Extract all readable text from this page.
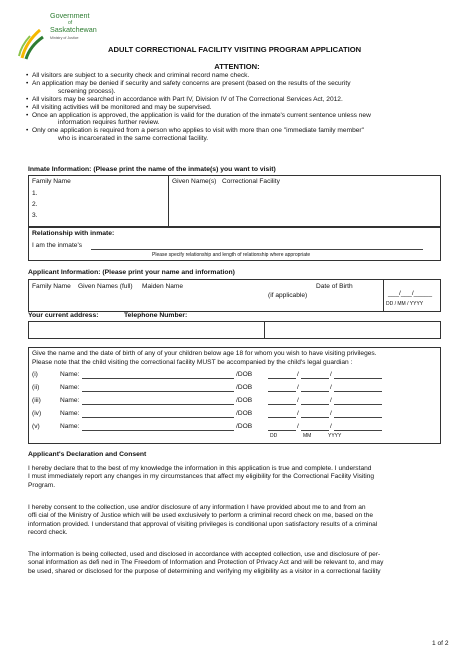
Government
of
Saskatchewan
Ministry of Justice
ADULT CORRECTIONAL FACILITY VISITING PROGRAM APPLICATION
ATTENTION:
• All visitors are subject to a security check and criminal record name check.
• An application may be denied if security and safety concerns are present (based on the results of the security
screening process).
• All visitors may be searched in accordance with Part IV, Division IV of The Correctional Services Act, 2012.
• All visiting activities will be monitored and may be supervised.
• Once an application is approved, the application is valid for the duration of the inmate's current sentence unless new
information requires further review.
• Only one application is required from a person who applies to visit with more than one "immediate family member"
who is incarcerated in the same correctional facility.
Inmate Information: (Please print the name of the inmate(s) you want to visit)
Family Name	Given Name(s) Correctional Facility
1.
2.
3.
Relationship with inmate:
I am the inmate's
Please specify relationship and length of relationship where appropriate
Applicant Information: (Please print your name and information)
Family Name Given Names (full) Maiden Name	Date of Birth
(if applicable)	___/___/_____
DD / MM / YYYY
Your current address:	Telephone Number:
Give the name and the date of birth of any of your children below age 18 for whom you wish to have visiting privileges.
Please note that the child visiting the correctional facility MUST be accompanied by the child's legal guardian :
(i)	Name:	/DOB	/	/
(ii)	Name:	/DOB	/	/
(iii)	Name:	/DOB	/	/
(iv)	Name:	/DOB	/	/
(v)	Name:	/DOB	/	/
DD	MM	YYYY
Applicant's Declaration and Consent
I hereby declare that to the best of my knowledge the information in this application is true and complete. I understand
I must immediately report any changes in my circumstances that affect my eligibility for the Correctional Facility Visiting
Program.
I hereby consent to the collection, use and/or disclosure of any information I have provided about me to and from an
offi cial of the Ministry of Justice which will be used exclusively to perform a criminal record check on me, based on the
information provided. I understand that approval of visiting privileges is conditional upon satisfactory results of a criminal
record check.
The information is being collected, used and disclosed in accordance with accepted collection, use and disclosure of per-
sonal information as defi ned in The Freedom of Information and Protection of Privacy Act and will be relevant to, and may
be used, shared or disclosed for the purpose of determining and verifying my eligibility as a visitor in a correctional facility
1 of 2
